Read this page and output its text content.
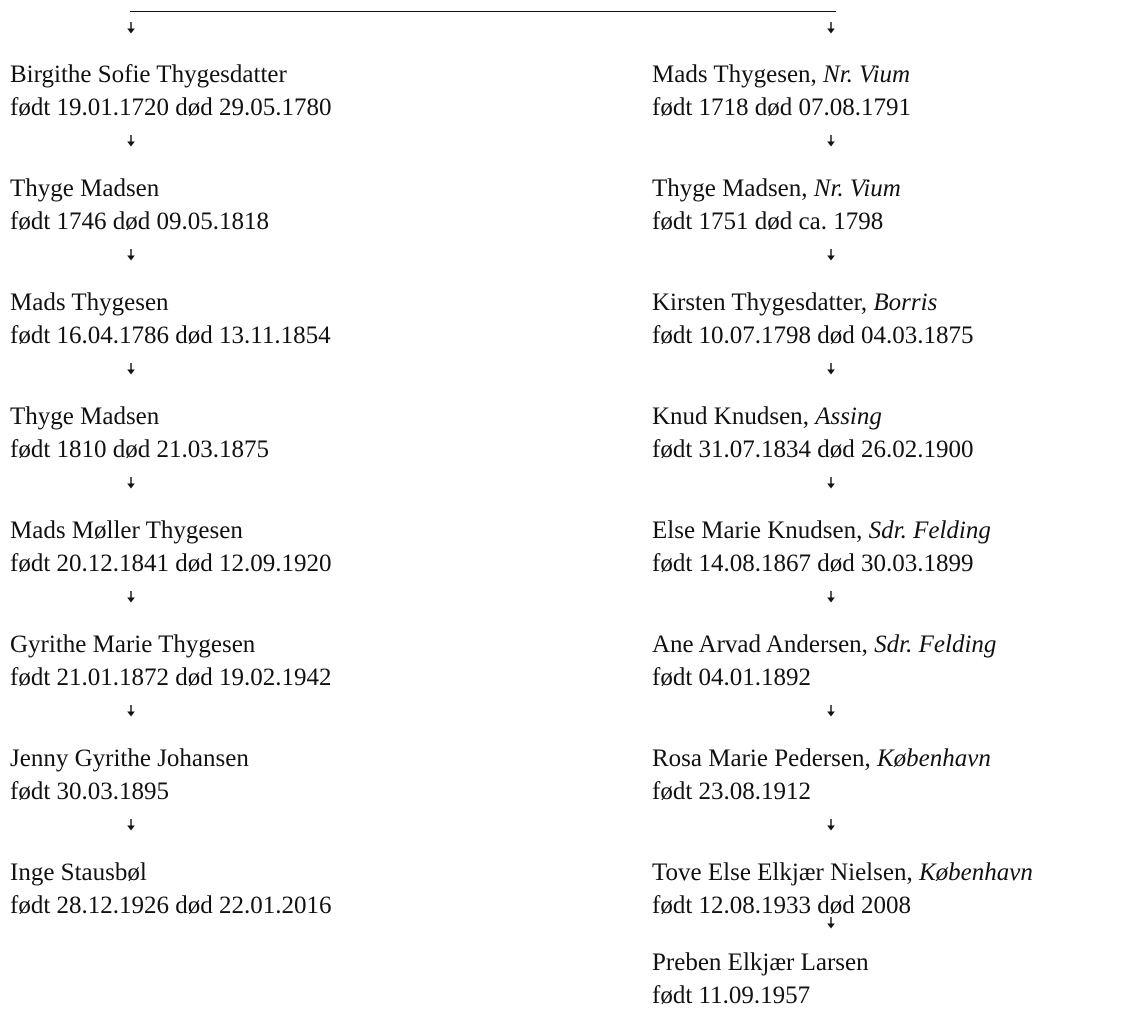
Birgithe Sofie Thygesdatter
født 19.01.1720 død 29.05.1780
Thyge Madsen
født 1746 død 09.05.1818
Mads Thygesen
født 16.04.1786 død 13.11.1854
Thyge Madsen
født 1810 død 21.03.1875
Mads Møller Thygesen
født 20.12.1841 død 12.09.1920
Gyrithe Marie Thygesen
født 21.01.1872 død 19.02.1942
Jenny Gyrithe Johansen
født 30.03.1895
Inge Stausbøl
født 28.12.1926 død 22.01.2016
Mads Thygesen, Nr. Vium
født 1718 død 07.08.1791
Thyge Madsen, Nr. Vium
født 1751 død ca. 1798
Kirsten Thygesdatter, Borris
født 10.07.1798 død 04.03.1875
Knud Knudsen, Assing
født 31.07.1834 død 26.02.1900
Else Marie Knudsen, Sdr. Felding
født 14.08.1867 død 30.03.1899
Ane Arvad Andersen, Sdr. Felding
født 04.01.1892
Rosa Marie Pedersen, København
født 23.08.1912
Tove Else Elkjær Nielsen, København
født 12.08.1933 død 2008
Preben Elkjær Larsen
født 11.09.1957
